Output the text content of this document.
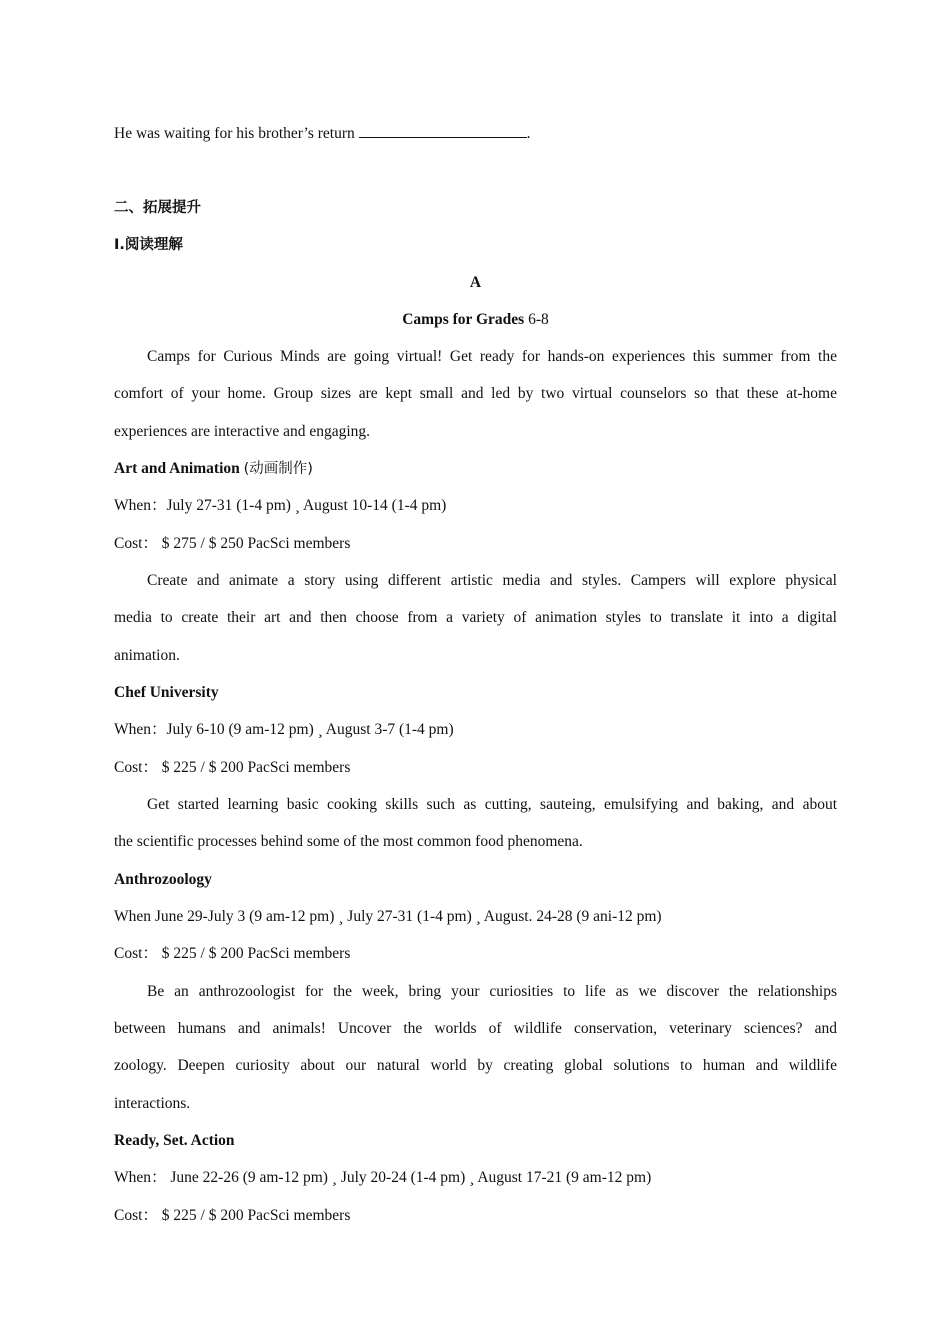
He was waiting for his brother’s return	.
二、拓展提升
I.阅读理解
A
Camps for Grades 6-8
Camps for Curious Minds are going virtual! Get ready for hands-on experiences this summer from the
comfort of your home. Group sizes are kept small and led by two virtual counselors so that these at-home
experiences are interactive and engaging.
Art and Animation (动画制作)
When：July 27-31 (1-4 pm) ¸ August 10-14 (1-4 pm)
Cost： $ 275 / $ 250 PacSci members
Create and animate a story using different artistic media and styles. Campers will explore physical
media to create their art and then choose from a variety of animation styles to translate it into a digital
animation.
Chef University
When：July 6-10 (9 am-12 pm) ¸ August 3-7 (1-4 pm)
Cost： $ 225 / $ 200 PacSci members
Get started learning basic cooking skills such as cutting, sauteing, emulsifying and baking, and about
the scientific processes behind some of the most common food phenomena.
Anthrozoology
When June 29-July 3 (9 am-12 pm) ¸ July 27-31 (1-4 pm) ¸ August. 24-28 (9 ani-12 pm)
Cost： $ 225 / $ 200 PacSci members
Be an anthrozoologist for the week, bring your curiosities to life as we discover the relationships
between humans and animals! Uncover the worlds of wildlife conservation, veterinary sciences? and
zoology. Deepen curiosity about our natural world by creating global solutions to human and wildlife
interactions.
Ready, Set. Action
When： June 22-26 (9 am-12 pm) ¸ July 20-24 (1-4 pm) ¸ August 17-21 (9 am-12 pm)
Cost： $ 225 / $ 200 PacSci members
